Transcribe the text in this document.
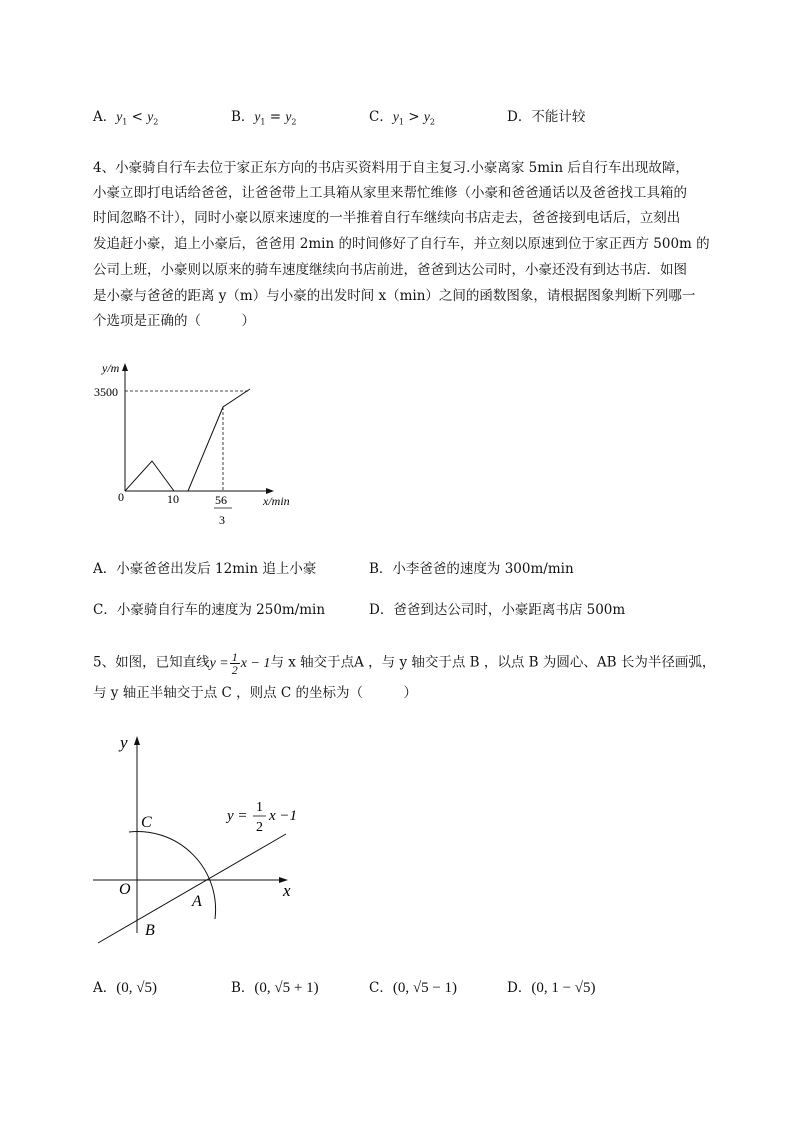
A．$y_1 < y_2$	B．$y_1 = y_2$	C．$y_1 > y_2$	D．不能计较
4、小豪骑自行车去位于家正东方向的书店买资料用于自主复习.小豪离家 5min 后自行车出现故障，
小豪立即打电话给爸爸，让爸爸带上工具箱从家里来帮忙维修（小豪和爸爸通话以及爸爸找工具箱的
时间忽略不计），同时小豪以原来速度的一半推着自行车继续向书店走去，爸爸接到电话后，立刻出
发追赶小豪，追上小豪后，爸爸用 2min 的时间修好了自行车，并立刻以原速到位于家正西方 500m 的
公司上班，小豪则以原来的骑车速度继续向书店前进，爸爸到达公司时，小豪还没有到达书店．如图
是小豪与爸爸的距离 y（m）与小豪的出发时间 x（min）之间的函数图象，请根据图象判断下列哪一
个选项是正确的（　　　）
y/m
3500
0	10	56
3
x/min
A．小豪爸爸出发后 12min 追上小豪	B．小李爸爸的速度为 300m/min
C．小豪骑自行车的速度为 250m/min	D．爸爸到达公司时，小豪距离书店 500m
5、如图，已知直线$y = \frac{1}{2}$ x − 1与 x 轴交于点A ，与 y 轴交于点 B ，以点 B 为圆心、AB 长为半径画弧，
与 y 轴正半轴交于点 C ，则点 C 的坐标为（　　　）
y
x
C
O
A
B
y =
1
2
x −1
A．(0, √5)	B．(0, √5 + 1)	C．(0, √5 − 1)	D．(0, 1 − √5)
